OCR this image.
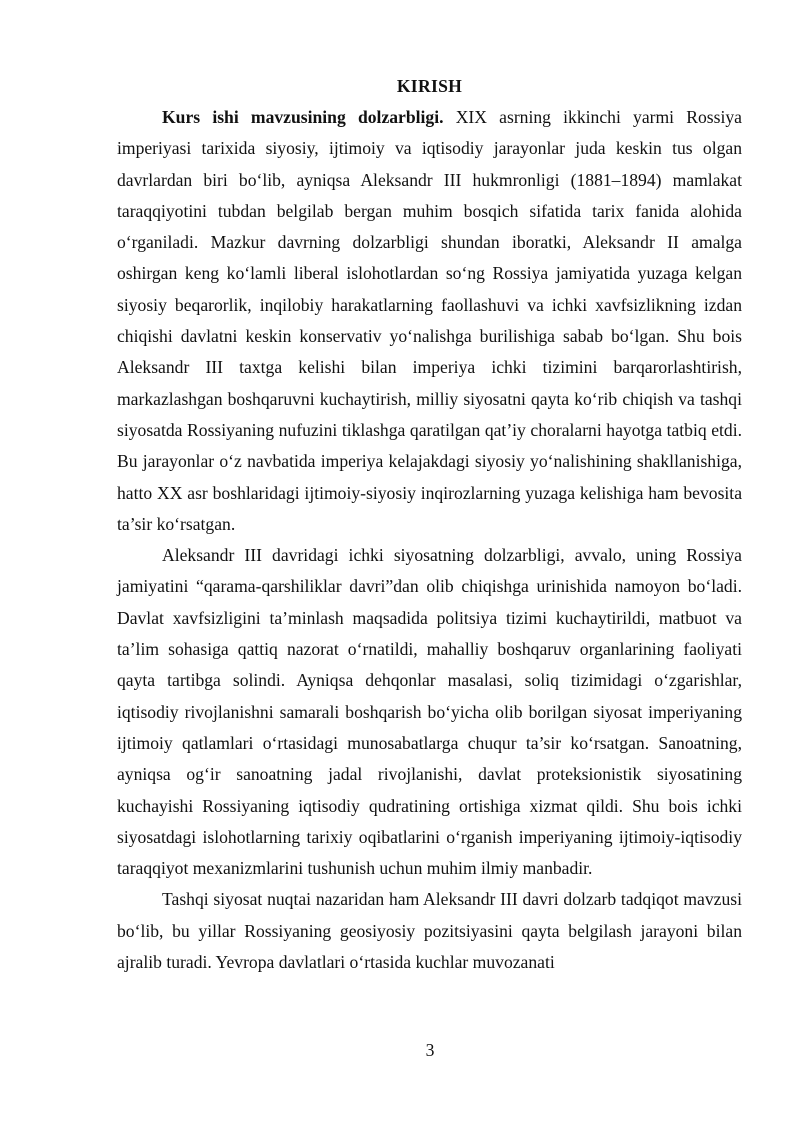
KIRISH

Kurs ishi mavzusining dolzarbligi. XIX asrning ikkinchi yarmi Rossiya imperiyasi tarixida siyosiy, ijtimoiy va iqtisodiy jarayonlar juda keskin tus olgan davrlardan biri bo‘lib, ayniqsa Aleksandr III hukmronligi (1881–1894) mamlakat taraqqiyotini tubdan belgilab bergan muhim bosqich sifatida tarix fanida alohida o‘rganiladi. Mazkur davrning dolzarbligi shundan iboratki, Aleksandr II amalga oshirgan keng ko‘lamli liberal islohotlardan so‘ng Rossiya jamiyatida yuzaga kelgan siyosiy beqarorlik, inqilobiy harakatlarning faollashuvi va ichki xavfsizlikning izdan chiqishi davlatni keskin konservativ yo‘nalishga burilishiga sabab bo‘lgan. Shu bois Aleksandr III taxtga kelishi bilan imperiya ichki tizimini barqarorlashtirish, markazlashgan boshqaruvni kuchaytirish, milliy siyosatni qayta ko‘rib chiqish va tashqi siyosatda Rossiyaning nufuzini tiklashga qaratilgan qat’iy choralarni hayotga tatbiq etdi. Bu jarayonlar o‘z navbatida imperiya kelajakdagi siyosiy yo‘nalishining shakllanishiga, hatto XX asr boshlaridagi ijtimoiy-siyosiy inqirozlarning yuzaga kelishiga ham bevosita ta’sir ko‘rsatgan.

Aleksandr III davridagi ichki siyosatning dolzarbligi, avvalo, uning Rossiya jamiyatini “qarama-qarshiliklar davri”dan olib chiqishga urinishida namoyon bo‘ladi. Davlat xavfsizligini ta’minlash maqsadida politsiya tizimi kuchaytirildi, matbuot va ta’lim sohasiga qattiq nazorat o‘rnatildi, mahalliy boshqaruv organlarining faoliyati qayta tartibga solindi. Ayniqsa dehqonlar masalasi, soliq tizimidagi o‘zgarishlar, iqtisodiy rivojlanishni samarali boshqarish bo‘yicha olib borilgan siyosat imperiyaning ijtimoiy qatlamlari o‘rtasidagi munosabatlarga chuqur ta’sir ko‘rsatgan. Sanoatning, ayniqsa og‘ir sanoatning jadal rivojlanishi, davlat proteksionistik siyosatining kuchayishi Rossiyaning iqtisodiy qudratining ortishiga xizmat qildi. Shu bois ichki siyosatdagi islohotlarning tarixiy oqibatlarini o‘rganish imperiyaning ijtimoiy-iqtisodiy taraqqiyot mexanizmlarini tushunish uchun muhim ilmiy manbadir.

Tashqi siyosat nuqtai nazaridan ham Aleksandr III davri dolzarb tadqiqot mavzusi bo‘lib, bu yillar Rossiyaning geosiyosiy pozitsiyasini qayta belgilash jarayoni bilan ajralib turadi. Yevropa davlatlari o‘rtasida kuchlar muvozanati

3
